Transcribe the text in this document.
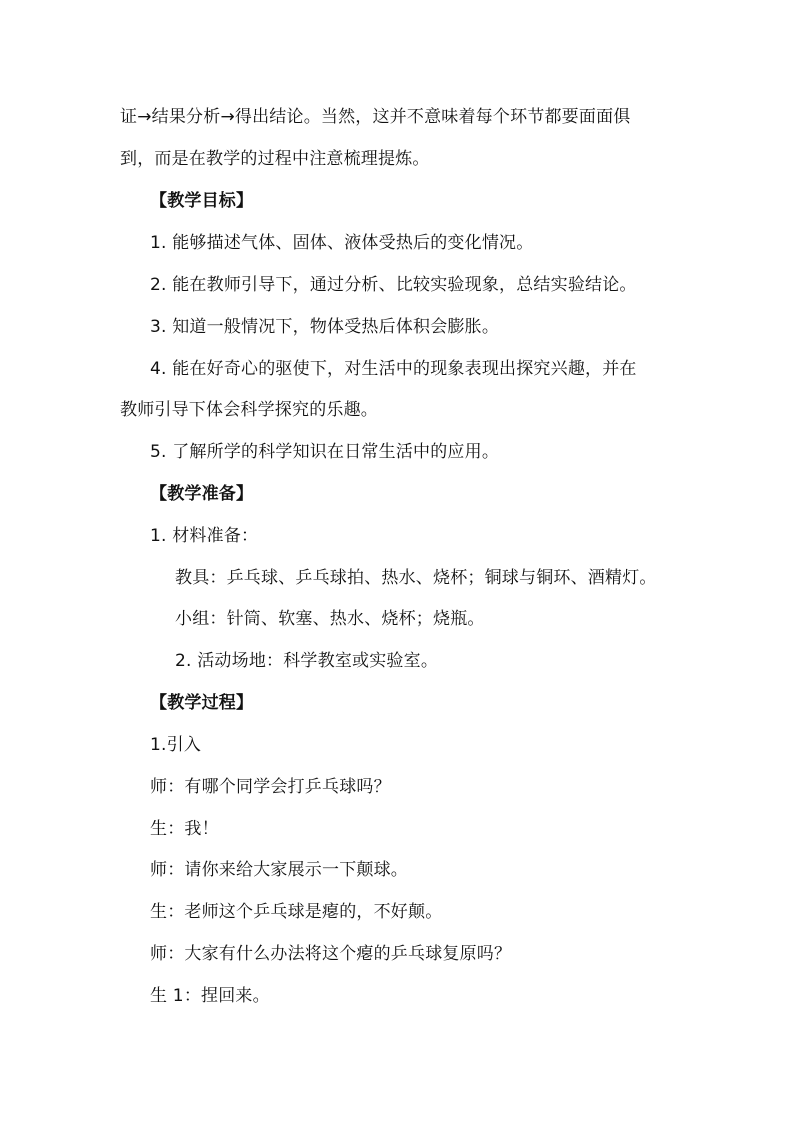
证→结果分析→得出结论。当然，这并不意味着每个环节都要面面俱
到，而是在教学的过程中注意梳理提炼。
【教学目标】
1. 能够描述气体、固体、液体受热后的变化情况。
2. 能在教师引导下，通过分析、比较实验现象，总结实验结论。
3. 知道一般情况下，物体受热后体积会膨胀。
4. 能在好奇心的驱使下，对生活中的现象表现出探究兴趣，并在
教师引导下体会科学探究的乐趣。
5. 了解所学的科学知识在日常生活中的应用。
【教学准备】
1. 材料准备：
教具：乒乓球、乒乓球拍、热水、烧杯；铜球与铜环、酒精灯。
小组：针筒、软塞、热水、烧杯；烧瓶。
2. 活动场地：科学教室或实验室。
【教学过程】
1.引入
师：有哪个同学会打乒乓球吗？
生：我！
师：请你来给大家展示一下颠球。
生：老师这个乒乓球是瘪的，不好颠。
师：大家有什么办法将这个瘪的乒乓球复原吗？
生 1：捏回来。
